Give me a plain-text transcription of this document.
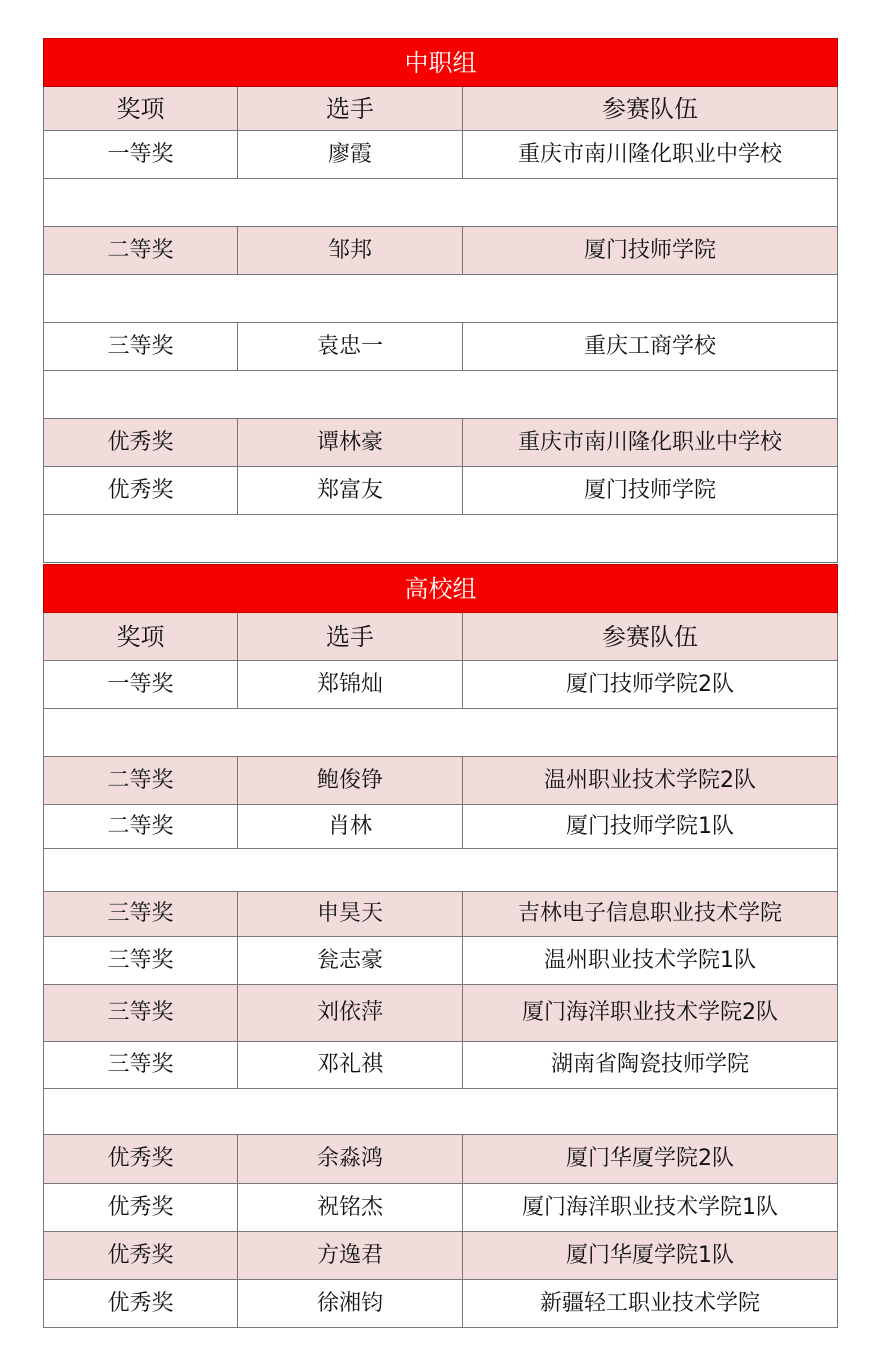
中职组		
奖项	选手	参赛队伍
一等奖	廖霞	重庆市南川隆化职业中学校

二等奖	邹邦	厦门技师学院

三等奖	袁忠一	重庆工商学校

优秀奖	谭林豪	重庆市南川隆化职业中学校
优秀奖	郑富友	厦门技师学院

高校组		
奖项	选手	参赛队伍
一等奖	郑锦灿	厦门技师学院2队

二等奖	鲍俊铮	温州职业技术学院2队
二等奖	肖林	厦门技师学院1队

三等奖	申昊天	吉林电子信息职业技术学院
三等奖	瓮志豪	温州职业技术学院1队
三等奖	刘依萍	厦门海洋职业技术学院2队
三等奖	邓礼祺	湖南省陶瓷技师学院

优秀奖	余淼鸿	厦门华厦学院2队
优秀奖	祝铭杰	厦门海洋职业技术学院1队
优秀奖	方逸君	厦门华厦学院1队
优秀奖	徐湘钧	新疆轻工职业技术学院
